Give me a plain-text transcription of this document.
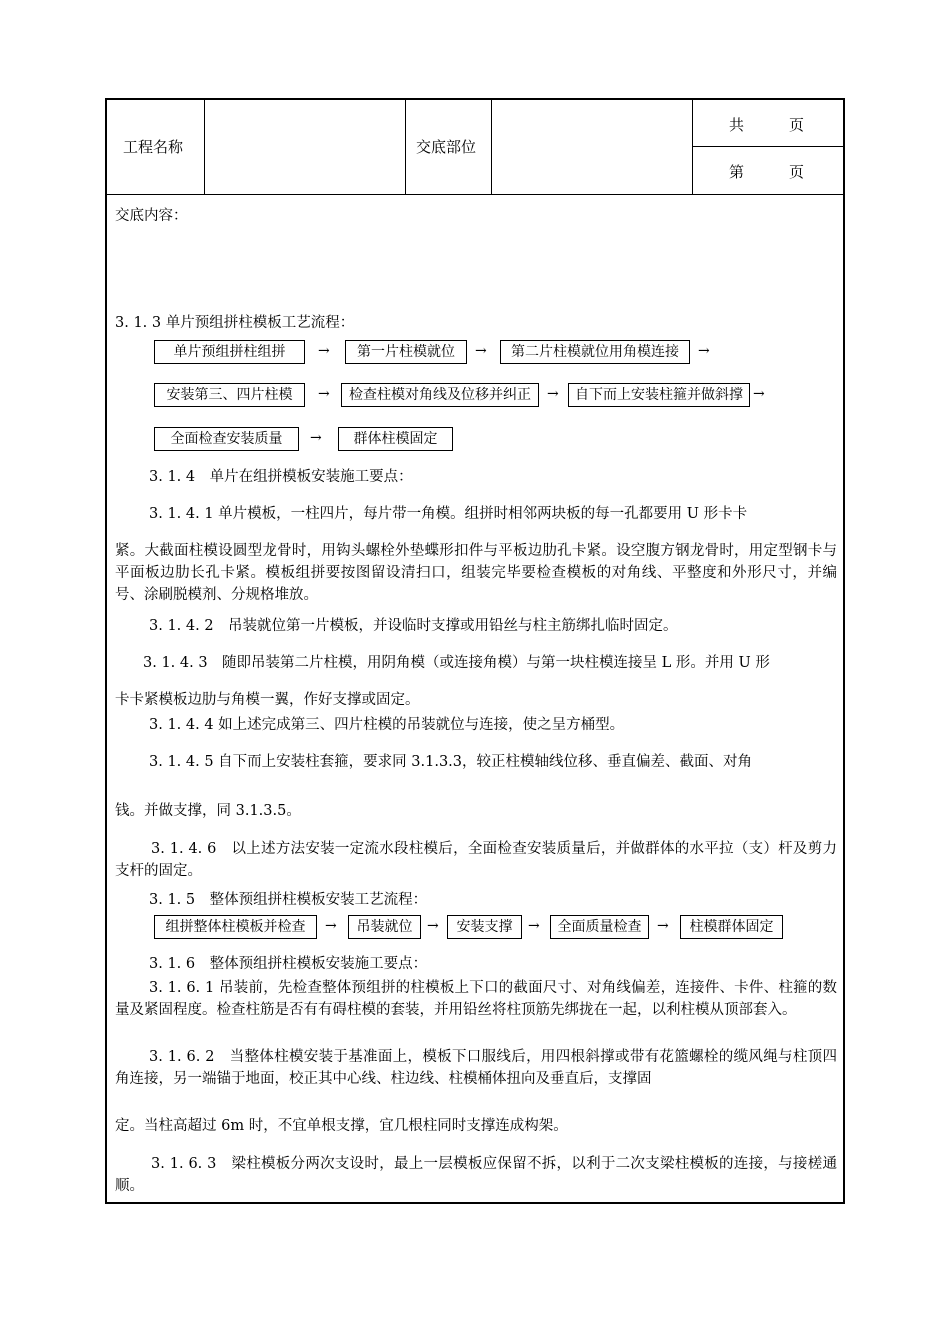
工程名称	交底部位
共　　　页
第　　　页
交底内容：
3. 1. 3 单片预组拼柱模板工艺流程：
单片预组拼柱组拼	→	第一片柱模就位	→	第二片柱模就位用角模连接	→
安装第三、四片柱模	→	检查柱模对角线及位移并纠正	→	自下而上安装柱箍并做斜撑 →
全面检查安装质量	→	群体柱模固定
3. 1. 4　单片在组拼模板安装施工要点：
3. 1. 4. 1 单片模板，一柱四片，每片带一角模。组拼时相邻两块板的每一孔都要用 U 形卡卡
紧。大截面柱模设圆型龙骨时，用钩头螺栓外垫蝶形扣件与平板边肋孔卡紧。设空腹方钢龙骨时，用定型钢卡与平面板边肋长孔卡紧。模板组拼要按图留设清扫口，组装完毕要检查模板的对角线、平整度和外形尺寸，并编号、涂刷脱模剂、分规格堆放。
3. 1. 4. 2　吊装就位第一片模板，并设临时支撑或用铅丝与柱主筋绑扎临时固定。
3. 1. 4. 3　随即吊装第二片柱模，用阴角模（或连接角模）与第一块柱模连接呈 L 形。并用 U 形
卡卡紧模板边肋与角模一翼，作好支撑或固定。
3. 1. 4. 4 如上述完成第三、四片柱模的吊装就位与连接，使之呈方桶型。
3. 1. 4. 5 自下而上安装柱套箍，要求同 3.1.3.3，较正柱模轴线位移、垂直偏差、截面、对角
钱。并做支撑，同 3.1.3.5。
3. 1. 4. 6　以上述方法安装一定流水段柱模后，全面检查安装质量后，并做群体的水平拉（支）杆及剪力支杆的固定。
3. 1. 5　整体预组拼柱模板安装工艺流程：
组拼整体柱模板并检查	→	吊装就位	→	安装支撑	→	全面质量检查	→	柱模群体固定
3. 1. 6　整体预组拼柱模板安装施工要点：
3. 1. 6. 1 吊装前，先检查整体预组拼的柱模板上下口的截面尺寸、对角线偏差，连接件、卡件、柱箍的数量及紧固程度。检查柱筋是否有有碍柱模的套装，并用铅丝将柱顶筋先绑拢在一起，以利柱模从顶部套入。
3. 1. 6. 2　当整体柱模安装于基准面上，模板下口服线后，用四根斜撑或带有花篮螺栓的缆风绳与柱顶四角连接，另一端锚于地面，校正其中心线、柱边线、柱模桶体扭向及垂直后，支撑固
定。当柱高超过 6m 时，不宜单根支撑，宜几根柱同时支撑连成构架。
3. 1. 6. 3　梁柱模板分两次支设时，最上一层模板应保留不拆，以利于二次支梁柱模板的连接，与接槎通顺。
